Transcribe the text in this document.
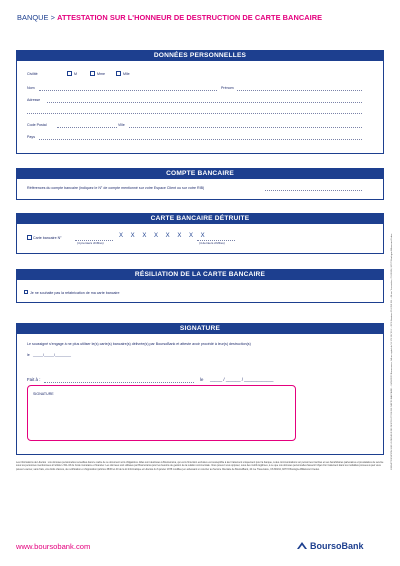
BANQUE > ATTESTATION SUR L'HONNEUR DE DESTRUCTION DE CARTE BANCAIRE
DONNÉES PERSONNELLES
Civilité	M	Mme	Mlle
Nom	Prénom
Adresse
Code Postal	Ville
Pays
COMPTE BANCAIRE
Références du compte bancaire (indiquez le N° de compte mentionné sur votre Espace Client ou sur votre RIB)
CARTE BANCAIRE DÉTRUITE
Carte bancaire N°
(4 premiers chiffres)
X X X X X X X X
(4 derniers chiffres)
RÉSILIATION DE LA CARTE BANCAIRE
Je ne souhaite pas la refabrication de ma carte bancaire
SIGNATURE
Le soussigné s'engage à ne plus utiliser le(s) carte(s) bancaire(s) délivrée(s) par BoursoBank et atteste avoir procédé à leur(s) destruction(s)
le _____/_____/________
Fait à :	le _____ / ______ / ____________
SIGNATURE	1008 ATTESTATION SUR L'HONNEUR DE DESTRUCTION DE CARTE BANCAIRE – 01/09/2023 Boursorama, SA au capital de 51 171 597,60 € – RCS Nanterre 351 058 151 – 44 rue Traversière, CS 80134, 92772 Boulogne-Billancourt Cedex
Les informations de Libertés : vos données personnelles recueillies dans le cadre de ce document sont obligatoires. Elles sont destinées à Boursorama, qui est à l'intention exclusive est susceptible à leur traitement uniquement pour la banque, à des communications sur personnes inscrites et ses bénéficiaires partenaires et prestataires de service sous les personnes mentionnées à l'article L.511-33 du Code monétaire et financier. Les données sont utilisées par Boursorama pour les besoins de gestion de la relation commerciale. Vous pouvez vous opposer, sous des motifs légitimes, à ce que vos données personnelles fassent l'objet d'un traitement dans les modalités prévues à quel vous pouvez exercer, sans frais, vos droits d'accès, de rectification et d'opposition (articles 38/39 et 40 de la loi Informatique et Libertés du 6 janvier 1978 modifiée) en adressant un courrier au Service Clientèle de BoursoBank, 44 rue Traversière, CS 80134, 92772 Boulogne-Billancourt Cedex.
www.boursobank.com	BoursoBank
